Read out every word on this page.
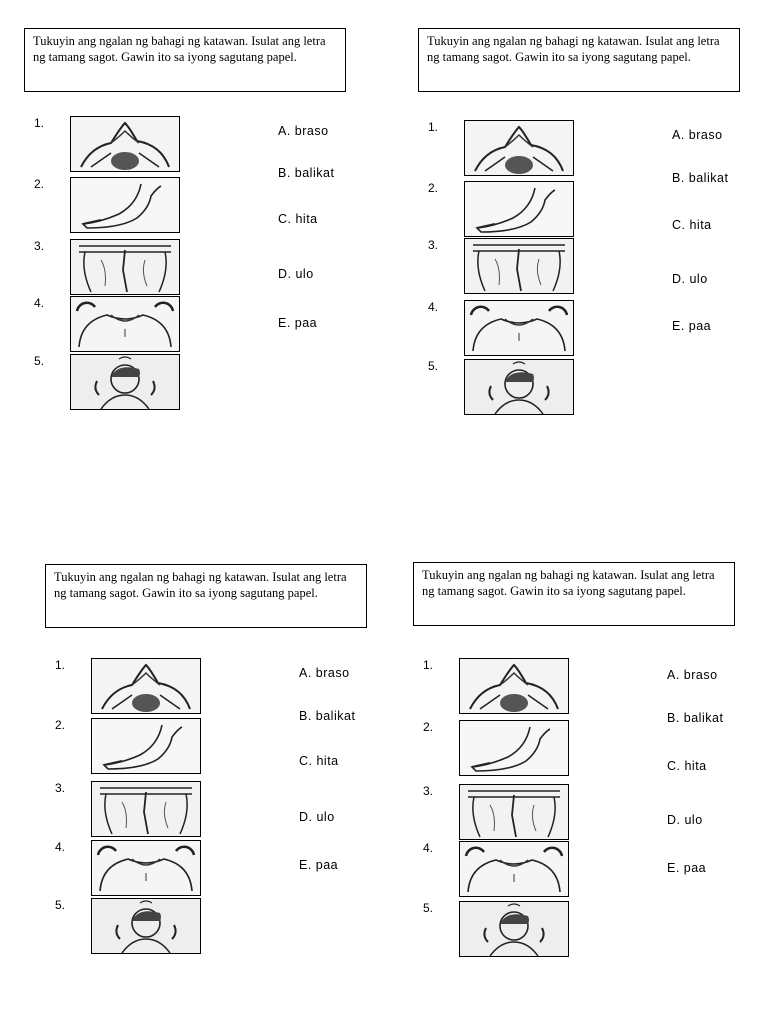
Tukuyin ang ngalan ng bahagi ng katawan. Isulat ang letra ng tamang sagot. Gawin ito sa iyong sagutang papel.
1.
A. braso
2.
B. balikat
3.
C. hita
4.
D. ulo
5.
E. paa
Tukuyin ang ngalan ng bahagi ng katawan. Isulat ang letra ng tamang sagot. Gawin ito sa iyong sagutang papel.
1.
A. braso
2.
B. balikat
3.
C. hita
4.
D. ulo
5.
E. paa
Tukuyin ang ngalan ng bahagi ng katawan. Isulat ang letra ng tamang sagot. Gawin ito sa iyong sagutang papel.
1.
A. braso
2.
B. balikat
3.
C. hita
4.
D. ulo
5.
E. paa
Tukuyin ang ngalan ng bahagi ng katawan. Isulat ang letra ng tamang sagot. Gawin ito sa iyong sagutang papel.
1.
A. braso
2.
B. balikat
3.
C. hita
4.
D. ulo
5.
E. paa
